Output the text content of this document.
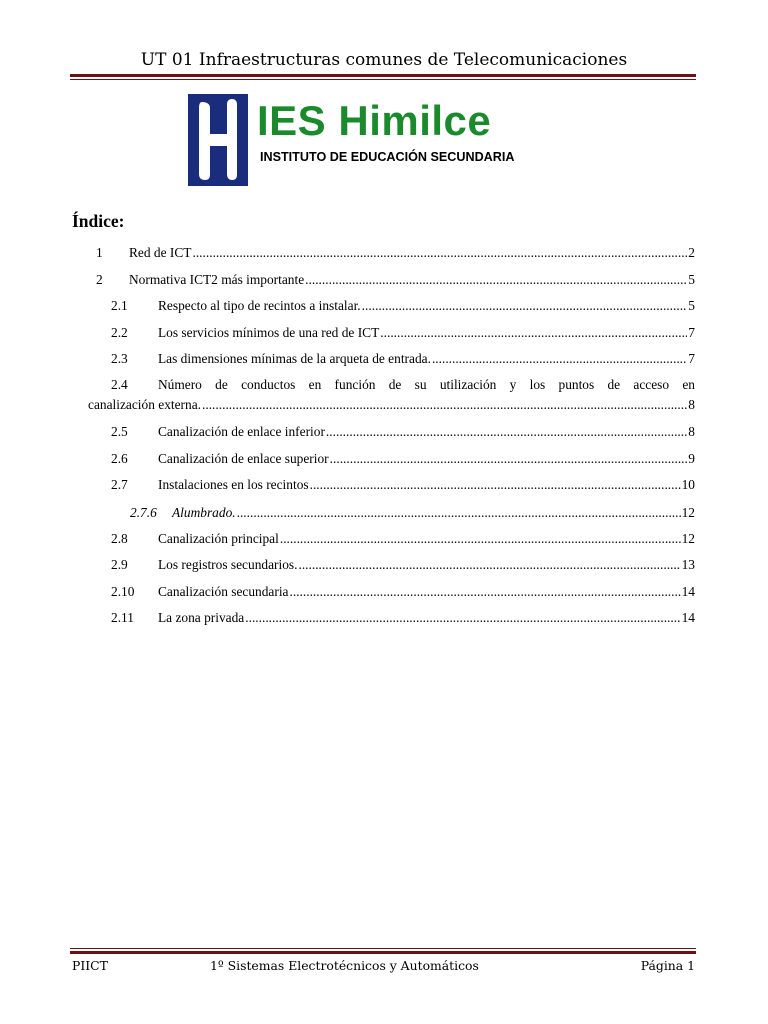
UT 01 Infraestructuras comunes de Telecomunicaciones
IES Himilce
INSTITUTO DE EDUCACIÓN SECUNDARIA
Índice:
1	Red de ICT .....	2
2	Normativa ICT2 más importante .....	5
2.1	Respecto al tipo de recintos a instalar. .....	5
2.2	Los servicios mínimos de una red de ICT .....	7
2.3	Las dimensiones mínimas de la arqueta de entrada. .....	7
2.4	Número de conductos en función de su utilización y los puntos de acceso en
canalización externa. .....	8
2.5	Canalización de enlace inferior .....	8
2.6	Canalización de enlace superior .....	9
2.7	Instalaciones en los recintos .....	10
2.7.6	Alumbrado. .....	12
2.8	Canalización principal .....	12
2.9	Los registros secundarios. .....	13
2.10	Canalización secundaria .....	14
2.11	La zona privada .....	14
PIICT	1º Sistemas Electrotécnicos y Automáticos	Página 1
